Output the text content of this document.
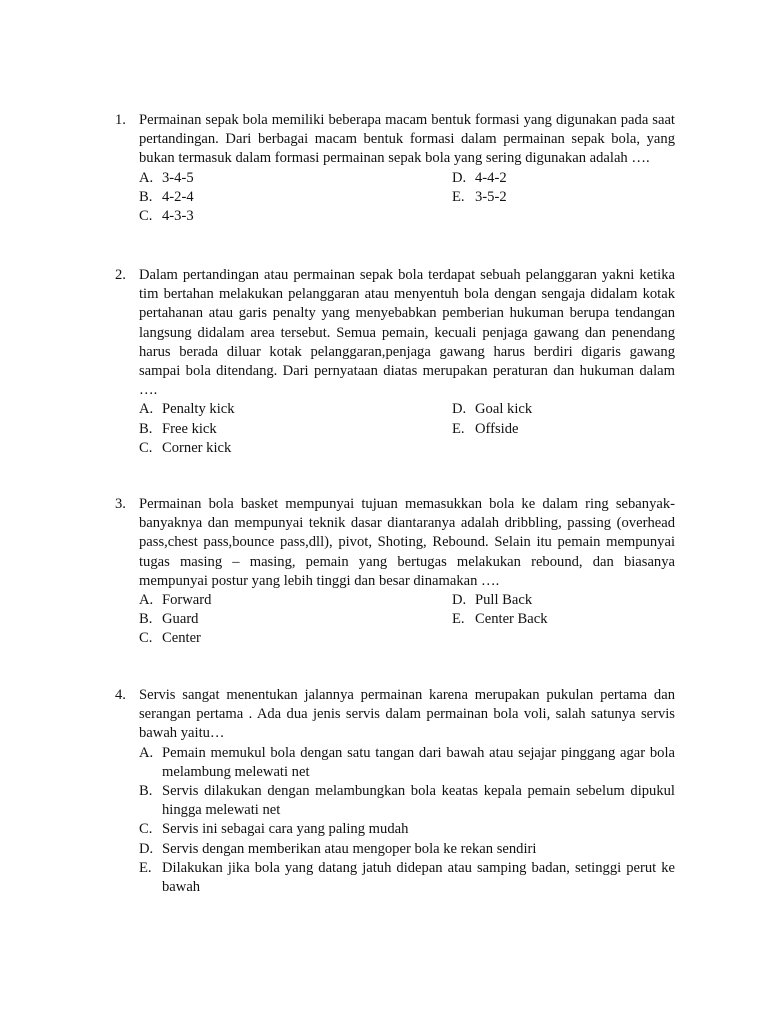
1. Permainan sepak bola memiliki beberapa macam bentuk formasi yang digunakan pada saat pertandingan. Dari berbagai macam bentuk formasi dalam permainan sepak bola, yang bukan termasuk dalam formasi permainan sepak bola yang sering digunakan adalah ….
A. 3-4-5	D. 4-4-2
B. 4-2-4	E. 3-5-2
C. 4-3-3
2. Dalam pertandingan atau permainan sepak bola terdapat sebuah pelanggaran yakni ketika tim bertahan melakukan pelanggaran atau menyentuh bola dengan sengaja didalam kotak pertahanan atau garis penalty yang menyebabkan pemberian hukuman berupa tendangan langsung didalam area tersebut. Semua pemain, kecuali penjaga gawang dan penendang harus berada diluar kotak pelanggaran,penjaga gawang harus berdiri digaris gawang sampai bola ditendang. Dari pernyataan diatas merupakan peraturan dan hukuman dalam ….
A. Penalty kick	D. Goal kick
B. Free kick	E. Offside
C. Corner kick
3. Permainan bola basket mempunyai tujuan memasukkan bola ke dalam ring sebanyak-banyaknya dan mempunyai teknik dasar diantaranya adalah dribbling, passing (overhead pass,chest pass,bounce pass,dll), pivot, Shoting, Rebound. Selain itu pemain mempunyai tugas masing – masing, pemain yang bertugas melakukan rebound, dan biasanya mempunyai postur yang lebih tinggi dan besar dinamakan ….
A. Forward	D. Pull Back
B. Guard	E. Center Back
C. Center
4. Servis sangat menentukan jalannya permainan karena merupakan pukulan pertama dan serangan pertama . Ada dua jenis servis dalam permainan bola voli, salah satunya servis bawah yaitu…
A. Pemain memukul bola dengan satu tangan dari bawah atau sejajar pinggang agar bola melambung melewati net
B. Servis dilakukan dengan melambungkan bola keatas kepala pemain sebelum dipukul hingga melewati net
C. Servis ini sebagai cara yang paling mudah
D. Servis dengan memberikan atau mengoper bola ke rekan sendiri
E. Dilakukan jika bola yang datang jatuh didepan atau samping badan, setinggi perut ke bawah
